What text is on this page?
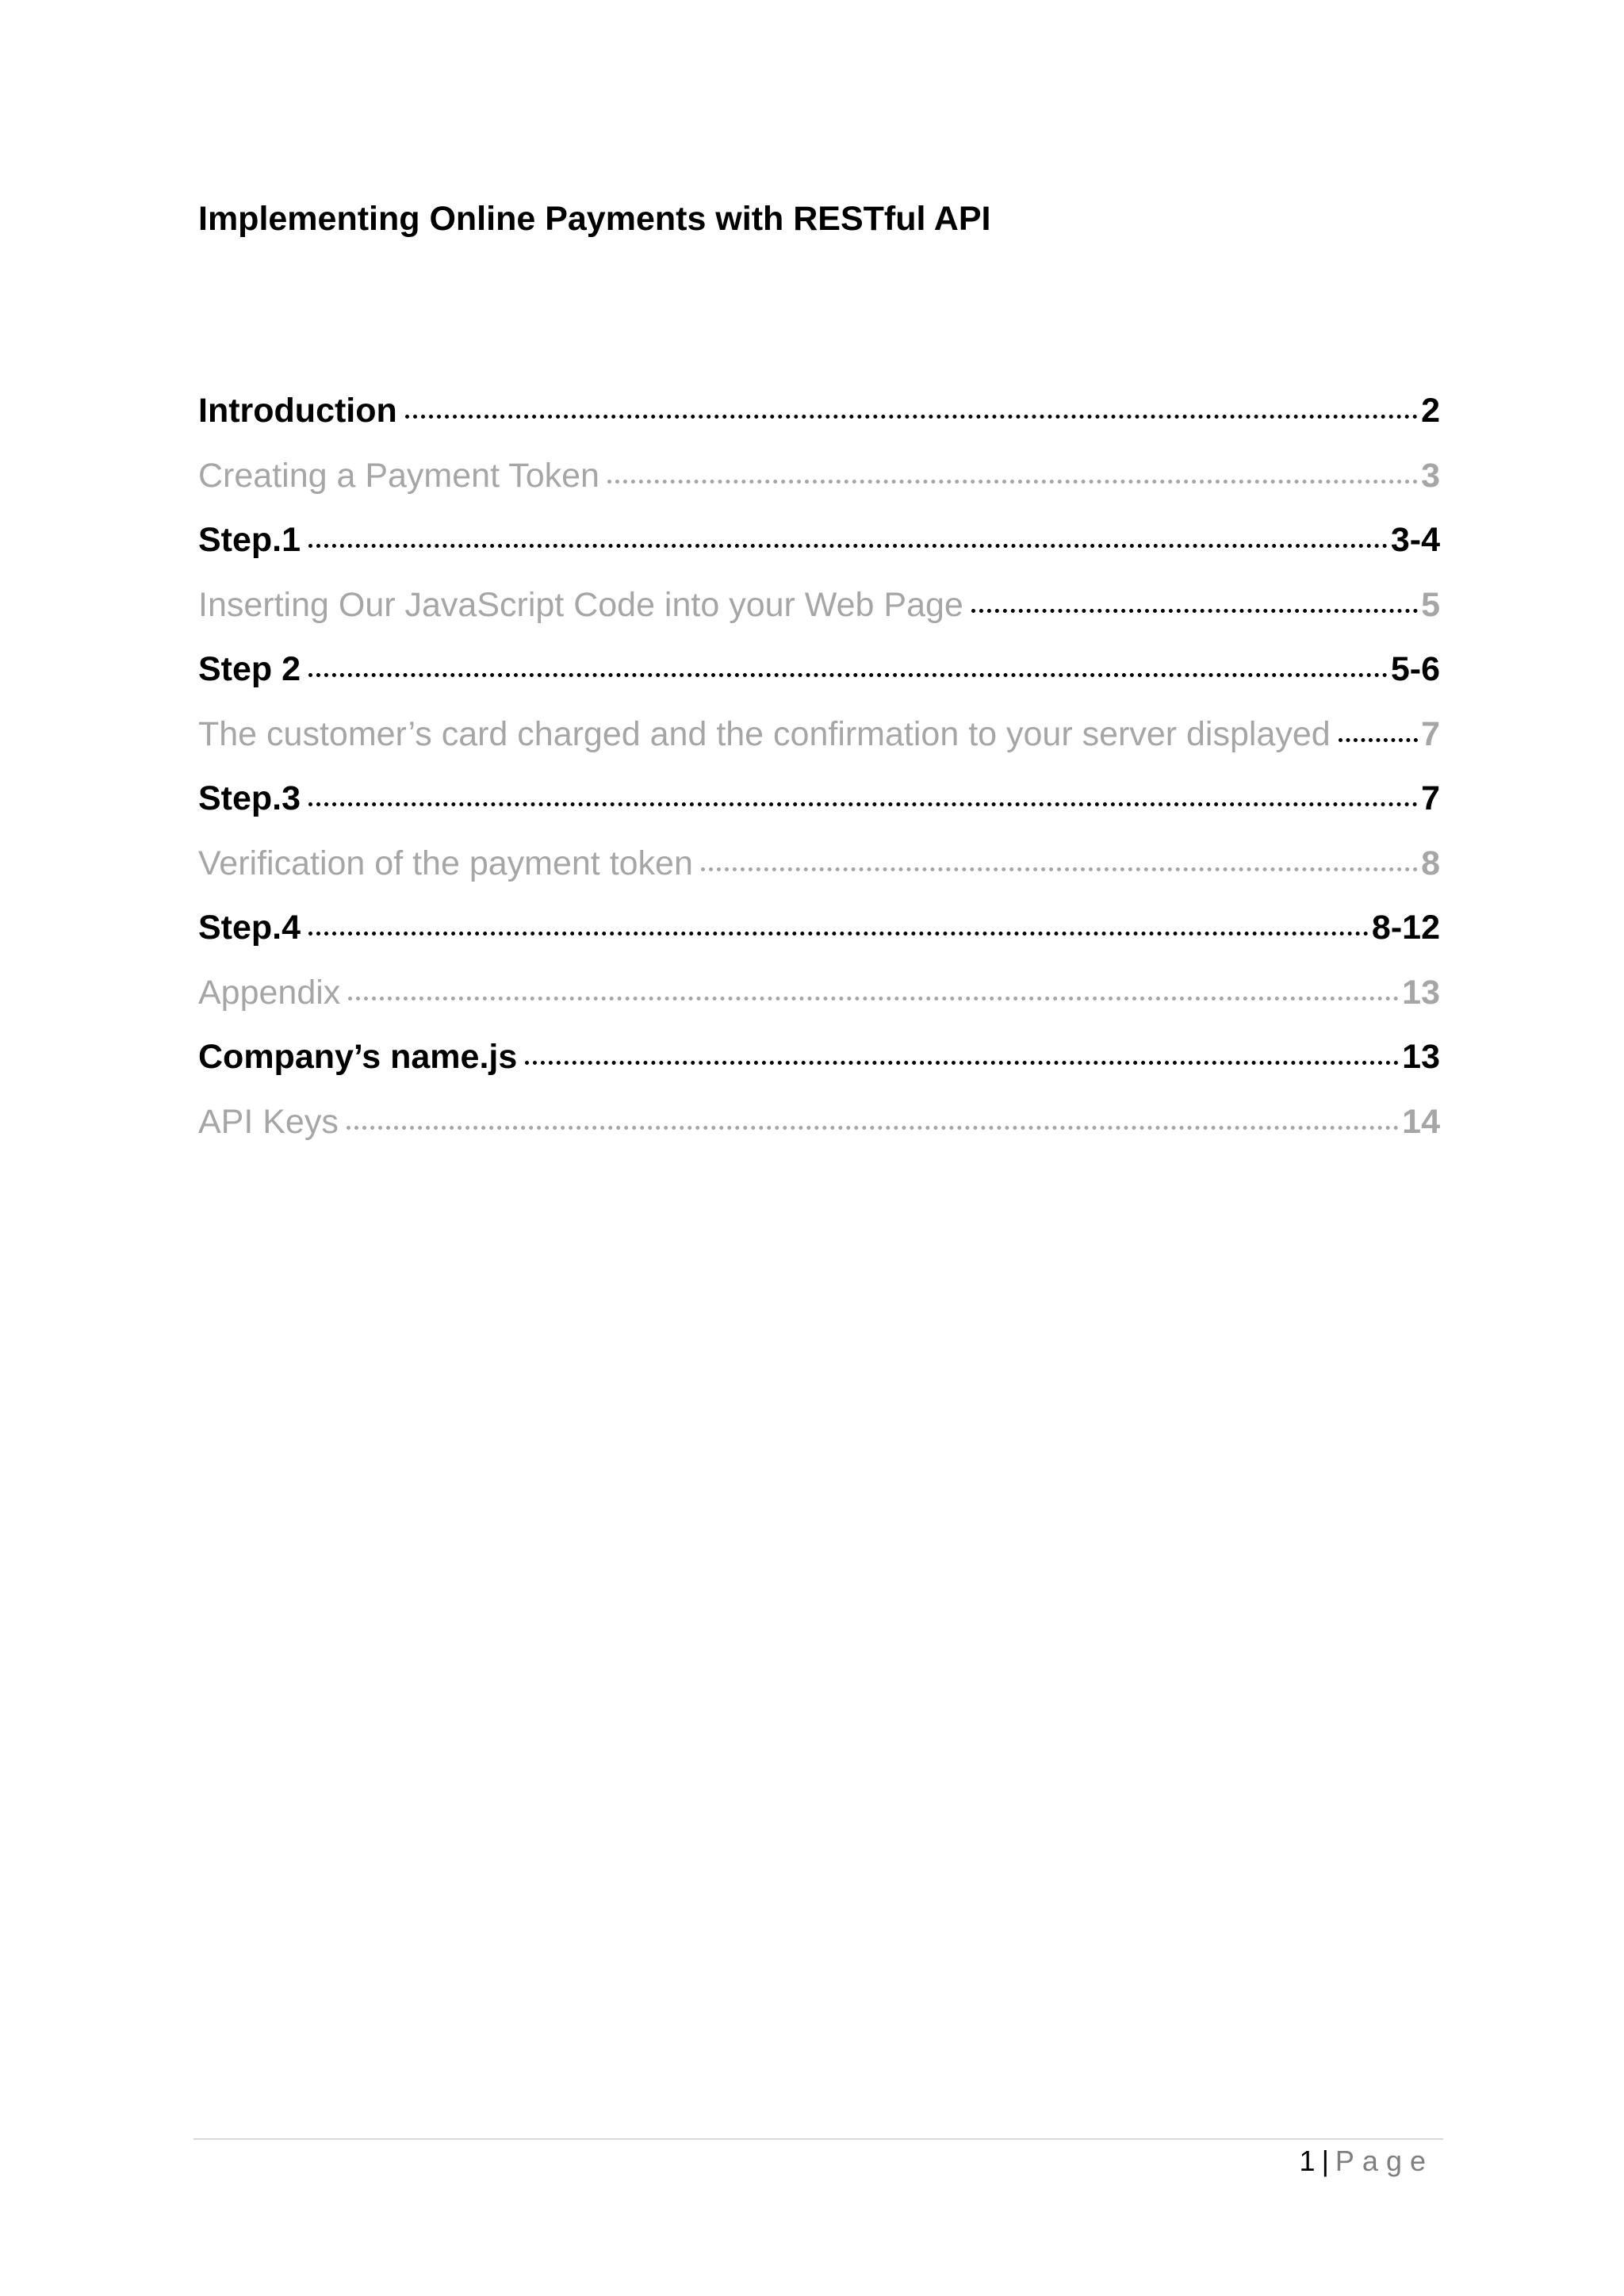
Implementing Online Payments with RESTful API
Introduction	2
Creating a Payment Token	3
Step.1	3-4
Inserting Our JavaScript Code into your Web Page	5
Step 2	5-6
The customer’s card charged and the confirmation to your server displayed	7
Step.3	7
Verification of the payment token	8
Step.4	8-12
Appendix	13
Company’s name.js	13
API Keys	14
1 | Page
